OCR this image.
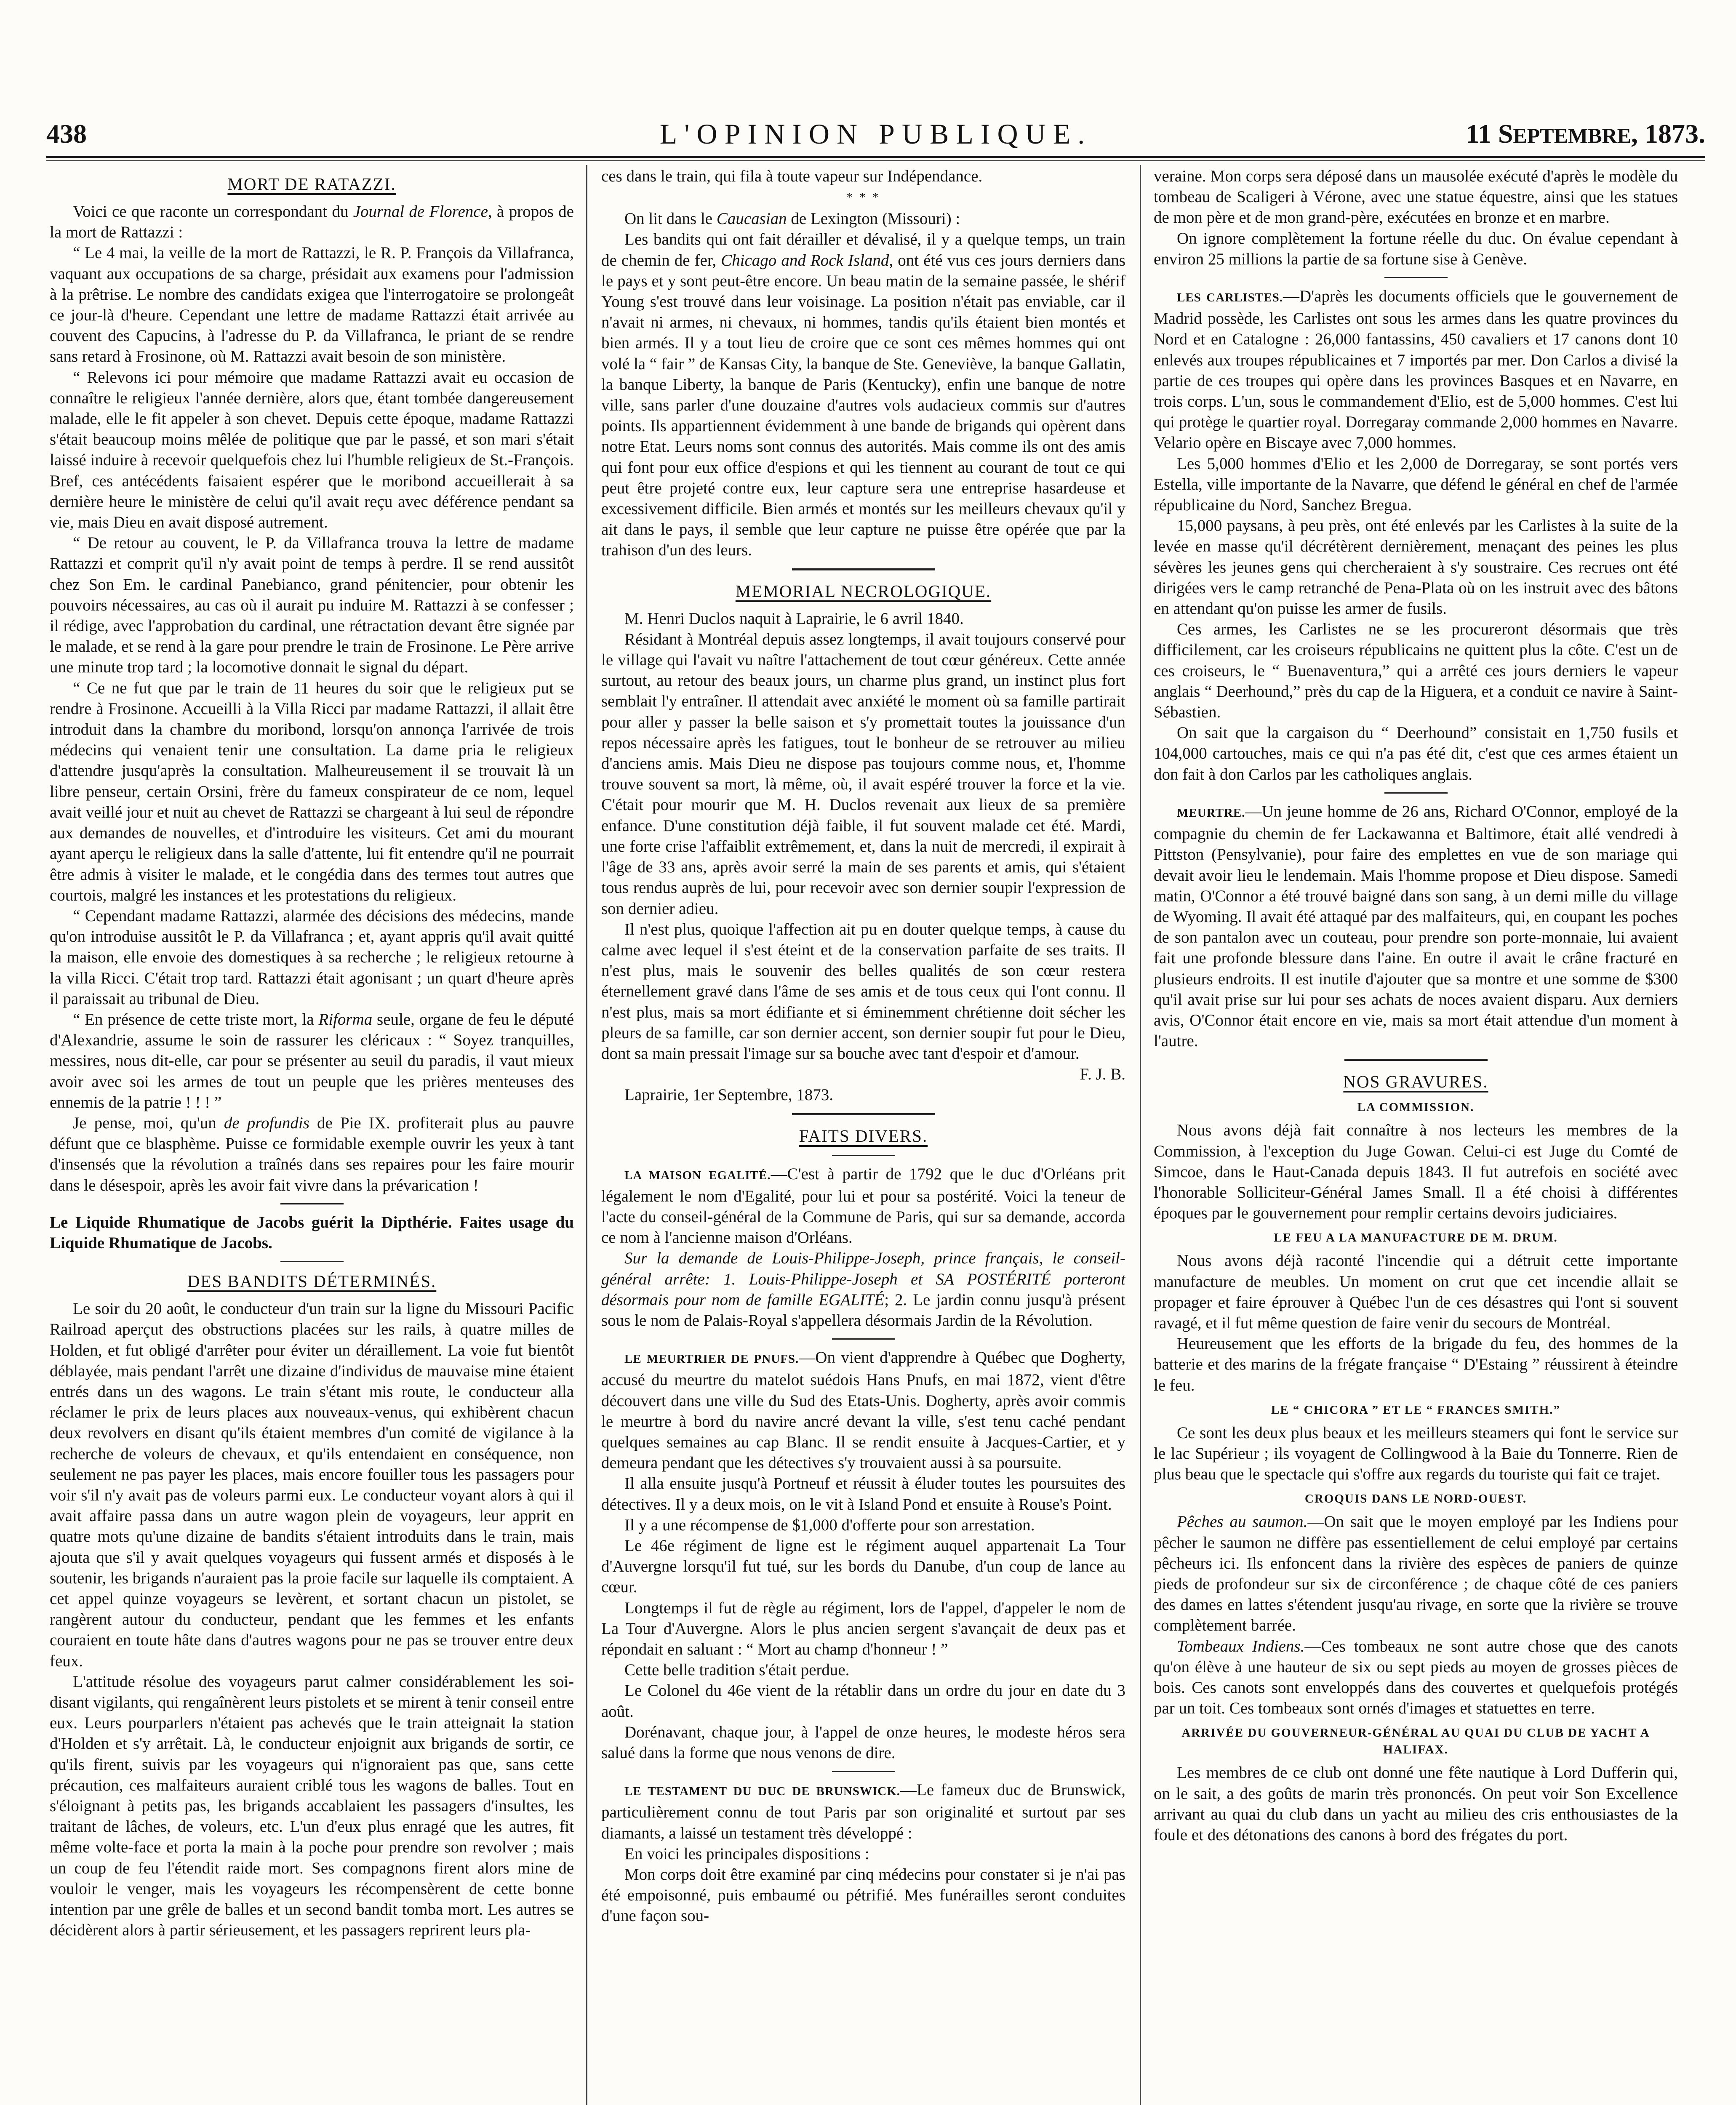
438	L'OPINION PUBLIQUE.	11 SEPTEMBRE, 1873.
MORT DE RATAZZI.

Voici ce que raconte un correspondant du Journal de Florence, à propos de la mort de Rattazzi :

“ Le 4 mai, la veille de la mort de Rattazzi, le R. P. François da Villafranca, vaquant aux occupations de sa charge, présidait aux examens pour l'admission à la prêtrise. Le nombre des candidats exigea que l'interrogatoire se prolongeât ce jour-là d'heure. Cependant une lettre de madame Rattazzi était arrivée au couvent des Capucins, à l'adresse du P. da Villafranca, le priant de se rendre sans retard à Frosinone, où M. Rattazzi avait besoin de son ministère.

“ Relevons ici pour mémoire que madame Rattazzi avait eu occasion de connaître le religieux l'année dernière, alors que, étant tombée dangereusement malade, elle le fit appeler à son chevet. Depuis cette époque, madame Rattazzi s'était beaucoup moins mêlée de politique que par le passé, et son mari s'était laissé induire à recevoir quelquefois chez lui l'humble religieux de St.-François. Bref, ces antécédents faisaient espérer que le moribond accueillerait à sa dernière heure le ministère de celui qu'il avait reçu avec déférence pendant sa vie, mais Dieu en avait disposé autrement.

“ De retour au couvent, le P. da Villafranca trouva la lettre de madame Rattazzi et comprit qu'il n'y avait point de temps à perdre. Il se rend aussitôt chez Son Em. le cardinal Panebianco, grand pénitencier, pour obtenir les pouvoirs nécessaires, au cas où il aurait pu induire M. Rattazzi à se confesser ; il rédige, avec l'approbation du cardinal, une rétractation devant être signée par le malade, et se rend à la gare pour prendre le train de Frosinone. Le Père arrive une minute trop tard ; la locomotive donnait le signal du départ.

“ Ce ne fut que par le train de 11 heures du soir que le religieux put se rendre à Frosinone. Accueilli à la Villa Ricci par madame Rattazzi, il allait être introduit dans la chambre du moribond, lorsqu'on annonça l'arrivée de trois médecins qui venaient tenir une consultation. La dame pria le religieux d'attendre jusqu'après la consultation. Malheureusement il se trouvait là un libre penseur, certain Orsini, frère du fameux conspirateur de ce nom, lequel avait veillé jour et nuit au chevet de Rattazzi se chargeant à lui seul de répondre aux demandes de nouvelles, et d'introduire les visiteurs. Cet ami du mourant ayant aperçu le religieux dans la salle d'attente, lui fit entendre qu'il ne pourrait être admis à visiter le malade, et le congédia dans des termes tout autres que courtois, malgré les instances et les protestations du religieux.

“ Cependant madame Rattazzi, alarmée des décisions des médecins, mande qu'on introduise aussitôt le P. da Villafranca ; et, ayant appris qu'il avait quitté la maison, elle envoie des domestiques à sa recherche ; le religieux retourne à la villa Ricci. C'était trop tard. Rattazzi était agonisant ; un quart d'heure après il paraissait au tribunal de Dieu.

“ En présence de cette triste mort, la Riforma seule, organe de feu le député d'Alexandrie, assume le soin de rassurer les cléricaux : “ Soyez tranquilles, messires, nous dit-elle, car pour se présenter au seuil du paradis, il vaut mieux avoir avec soi les armes de tout un peuple que les prières menteuses des ennemis de la patrie ! ! ! ”

Je pense, moi, qu'un de profundis de Pie IX. profiterait plus au pauvre défunt que ce blasphème. Puisse ce formidable exemple ouvrir les yeux à tant d'insensés que la révolution a traînés dans ses repaires pour les faire mourir dans le désespoir, après les avoir fait vivre dans la prévarication !

Le Liquide Rhumatique de Jacobs guérit la Dipthérie. Faites usage du Liquide Rhumatique de Jacobs.

DES BANDITS DÉTERMINÉS.

Le soir du 20 août, le conducteur d'un train sur la ligne du Missouri Pacific Railroad aperçut des obstructions placées sur les rails, à quatre milles de Holden, et fut obligé d'arrêter pour éviter un déraillement. La voie fut bientôt déblayée, mais pendant l'arrêt une dizaine d'individus de mauvaise mine étaient entrés dans un des wagons. Le train s'étant mis route, le conducteur alla réclamer le prix de leurs places aux nouveaux-venus, qui exhibèrent chacun deux revolvers en disant qu'ils étaient membres d'un comité de vigilance à la recherche de voleurs de chevaux, et qu'ils entendaient en conséquence, non seulement ne pas payer les places, mais encore fouiller tous les passagers pour voir s'il n'y avait pas de voleurs parmi eux. Le conducteur voyant alors à qui il avait affaire passa dans un autre wagon plein de voyageurs, leur apprit en quatre mots qu'une dizaine de bandits s'étaient introduits dans le train, mais ajouta que s'il y avait quelques voyageurs qui fussent armés et disposés à le soutenir, les brigands n'auraient pas la proie facile sur laquelle ils comptaient. A cet appel quinze voyageurs se levèrent, et sortant chacun un pistolet, se rangèrent autour du conducteur, pendant que les femmes et les enfants couraient en toute hâte dans d'autres wagons pour ne pas se trouver entre deux feux.

L'attitude résolue des voyageurs parut calmer considérablement les soi-disant vigilants, qui rengaînèrent leurs pistolets et se mirent à tenir conseil entre eux. Leurs pourparlers n'étaient pas achevés que le train atteignait la station d'Holden et s'y arrêtait. Là, le conducteur enjoignit aux brigands de sortir, ce qu'ils firent, suivis par les voyageurs qui n'ignoraient pas que, sans cette précaution, ces malfaiteurs auraient criblé tous les wagons de balles. Tout en s'éloignant à petits pas, les brigands accablaient les passagers d'insultes, les traitant de lâches, de voleurs, etc. L'un d'eux plus enragé que les autres, fit même volte-face et porta la main à la poche pour prendre son revolver ; mais un coup de feu l'étendit raide mort. Ses compagnons firent alors mine de vouloir le venger, mais les voyageurs les récompensèrent de cette bonne intention par une grêle de balles et un second bandit tomba mort. Les autres se décidèrent alors à partir sérieusement, et les passagers reprirent leurs pla-

ces dans le train, qui fila à toute vapeur sur Indépendance.

* * *

On lit dans le Caucasian de Lexington (Missouri) :

Les bandits qui ont fait dérailler et dévalisé, il y a quelque temps, un train de chemin de fer, Chicago and Rock Island, ont été vus ces jours derniers dans le pays et y sont peut-être encore. Un beau matin de la semaine passée, le shérif Young s'est trouvé dans leur voisinage. La position n'était pas enviable, car il n'avait ni armes, ni chevaux, ni hommes, tandis qu'ils étaient bien montés et bien armés. Il y a tout lieu de croire que ce sont ces mêmes hommes qui ont volé la “ fair ” de Kansas City, la banque de Ste. Geneviève, la banque Gallatin, la banque Liberty, la banque de Paris (Kentucky), enfin une banque de notre ville, sans parler d'une douzaine d'autres vols audacieux commis sur d'autres points. Ils appartiennent évidemment à une bande de brigands qui opèrent dans notre Etat. Leurs noms sont connus des autorités. Mais comme ils ont des amis qui font pour eux office d'espions et qui les tiennent au courant de tout ce qui peut être projeté contre eux, leur capture sera une entreprise hasardeuse et excessivement difficile. Bien armés et montés sur les meilleurs chevaux qu'il y ait dans le pays, il semble que leur capture ne puisse être opérée que par la trahison d'un des leurs.

MEMORIAL NECROLOGIQUE.

M. Henri Duclos naquit à Laprairie, le 6 avril 1840.

Résidant à Montréal depuis assez longtemps, il avait toujours conservé pour le village qui l'avait vu naître l'attachement de tout cœur généreux. Cette année surtout, au retour des beaux jours, un charme plus grand, un instinct plus fort semblait l'y entraîner. Il attendait avec anxiété le moment où sa famille partirait pour aller y passer la belle saison et s'y promettait toutes la jouissance d'un repos nécessaire après les fatigues, tout le bonheur de se retrouver au milieu d'anciens amis. Mais Dieu ne dispose pas toujours comme nous, et, l'homme trouve souvent sa mort, là même, où, il avait espéré trouver la force et la vie. C'était pour mourir que M. H. Duclos revenait aux lieux de sa première enfance. D'une constitution déjà faible, il fut souvent malade cet été. Mardi, une forte crise l'affaiblit extrêmement, et, dans la nuit de mercredi, il expirait à l'âge de 33 ans, après avoir serré la main de ses parents et amis, qui s'étaient tous rendus auprès de lui, pour recevoir avec son dernier soupir l'expression de son dernier adieu.

Il n'est plus, quoique l'affection ait pu en douter quelque temps, à cause du calme avec lequel il s'est éteint et de la conservation parfaite de ses traits. Il n'est plus, mais le souvenir des belles qualités de son cœur restera éternellement gravé dans l'âme de ses amis et de tous ceux qui l'ont connu. Il n'est plus, mais sa mort édifiante et si éminemment chrétienne doit sécher les pleurs de sa famille, car son dernier accent, son dernier soupir fut pour le Dieu, dont sa main pressait l'image sur sa bouche avec tant d'espoir et d'amour.

F. J. B.

Laprairie, 1er Septembre, 1873.

FAITS DIVERS.

LA MAISON EGALITÉ.—C'est à partir de 1792 que le duc d'Orléans prit légalement le nom d'Egalité, pour lui et pour sa postérité. Voici la teneur de l'acte du conseil-général de la Commune de Paris, qui sur sa demande, accorda ce nom à l'ancienne maison d'Orléans.

Sur la demande de Louis-Philippe-Joseph, prince français, le conseil-général arrête: 1. Louis-Philippe-Joseph et SA POSTÉRITÉ porteront désormais pour nom de famille EGALITÉ; 2. Le jardin connu jusqu'à présent sous le nom de Palais-Royal s'appellera désormais Jardin de la Révolution.

LE MEURTRIER DE PNUFS.—On vient d'apprendre à Québec que Dogherty, accusé du meurtre du matelot suédois Hans Pnufs, en mai 1872, vient d'être découvert dans une ville du Sud des Etats-Unis. Dogherty, après avoir commis le meurtre à bord du navire ancré devant la ville, s'est tenu caché pendant quelques semaines au cap Blanc. Il se rendit ensuite à Jacques-Cartier, et y demeura pendant que les détectives s'y trouvaient aussi à sa poursuite.

Il alla ensuite jusqu'à Portneuf et réussit à éluder toutes les poursuites des détectives. Il y a deux mois, on le vit à Island Pond et ensuite à Rouse's Point.

Il y a une récompense de $1,000 d'offerte pour son arrestation.

Le 46e régiment de ligne est le régiment auquel appartenait La Tour d'Auvergne lorsqu'il fut tué, sur les bords du Danube, d'un coup de lance au cœur.

Longtemps il fut de règle au régiment, lors de l'appel, d'appeler le nom de La Tour d'Auvergne. Alors le plus ancien sergent s'avançait de deux pas et répondait en saluant : “ Mort au champ d'honneur ! ”

Cette belle tradition s'était perdue.

Le Colonel du 46e vient de la rétablir dans un ordre du jour en date du 3 août.

Dorénavant, chaque jour, à l'appel de onze heures, le modeste héros sera salué dans la forme que nous venons de dire.

LE TESTAMENT DU DUC DE BRUNSWICK.—Le fameux duc de Brunswick, particulièrement connu de tout Paris par son originalité et surtout par ses diamants, a laissé un testament très développé :

En voici les principales dispositions :

Mon corps doit être examiné par cinq médecins pour constater si je n'ai pas été empoisonné, puis embaumé ou pétrifié. Mes funérailles seront conduites d'une façon sou-

veraine. Mon corps sera déposé dans un mausolée exécuté d'après le modèle du tombeau de Scaligeri à Vérone, avec une statue équestre, ainsi que les statues de mon père et de mon grand-père, exécutées en bronze et en marbre.

On ignore complètement la fortune réelle du duc. On évalue cependant à environ 25 millions la partie de sa fortune sise à Genève.

LES CARLISTES.—D'après les documents officiels que le gouvernement de Madrid possède, les Carlistes ont sous les armes dans les quatre provinces du Nord et en Catalogne : 26,000 fantassins, 450 cavaliers et 17 canons dont 10 enlevés aux troupes républicaines et 7 importés par mer. Don Carlos a divisé la partie de ces troupes qui opère dans les provinces Basques et en Navarre, en trois corps. L'un, sous le commandement d'Elio, est de 5,000 hommes. C'est lui qui protège le quartier royal. Dorregaray commande 2,000 hommes en Navarre. Velario opère en Biscaye avec 7,000 hommes.

Les 5,000 hommes d'Elio et les 2,000 de Dorregaray, se sont portés vers Estella, ville importante de la Navarre, que défend le général en chef de l'armée républicaine du Nord, Sanchez Bregua.

15,000 paysans, à peu près, ont été enlevés par les Carlistes à la suite de la levée en masse qu'il décrétèrent dernièrement, menaçant des peines les plus sévères les jeunes gens qui chercheraient à s'y soustraire. Ces recrues ont été dirigées vers le camp retranché de Pena-Plata où on les instruit avec des bâtons en attendant qu'on puisse les armer de fusils.

Ces armes, les Carlistes ne se les procureront désormais que très difficilement, car les croiseurs républicains ne quittent plus la côte. C'est un de ces croiseurs, le “ Buenaventura,” qui a arrêté ces jours derniers le vapeur anglais “ Deerhound,” près du cap de la Higuera, et a conduit ce navire à Saint-Sébastien.

On sait que la cargaison du “ Deerhound” consistait en 1,750 fusils et 104,000 cartouches, mais ce qui n'a pas été dit, c'est que ces armes étaient un don fait à don Carlos par les catholiques anglais.

MEURTRE.—Un jeune homme de 26 ans, Richard O'Connor, employé de la compagnie du chemin de fer Lackawanna et Baltimore, était allé vendredi à Pittston (Pensylvanie), pour faire des emplettes en vue de son mariage qui devait avoir lieu le lendemain. Mais l'homme propose et Dieu dispose. Samedi matin, O'Connor a été trouvé baigné dans son sang, à un demi mille du village de Wyoming. Il avait été attaqué par des malfaiteurs, qui, en coupant les poches de son pantalon avec un couteau, pour prendre son porte-monnaie, lui avaient fait une profonde blessure dans l'aine. En outre il avait le crâne fracturé en plusieurs endroits. Il est inutile d'ajouter que sa montre et une somme de $300 qu'il avait prise sur lui pour ses achats de noces avaient disparu. Aux derniers avis, O'Connor était encore en vie, mais sa mort était attendue d'un moment à l'autre.

NOS GRAVURES.
LA COMMISSION.

Nous avons déjà fait connaître à nos lecteurs les membres de la Commission, à l'exception du Juge Gowan. Celui-ci est Juge du Comté de Simcoe, dans le Haut-Canada depuis 1843. Il fut autrefois en société avec l'honorable Solliciteur-Général James Small. Il a été choisi à différentes époques par le gouvernement pour remplir certains devoirs judiciaires.

LE FEU A LA MANUFACTURE DE M. DRUM.

Nous avons déjà raconté l'incendie qui a détruit cette importante manufacture de meubles. Un moment on crut que cet incendie allait se propager et faire éprouver à Québec l'un de ces désastres qui l'ont si souvent ravagé, et il fut même question de faire venir du secours de Montréal.

Heureusement que les efforts de la brigade du feu, des hommes de la batterie et des marins de la frégate française “ D'Estaing ” réussirent à éteindre le feu.

LE “ CHICORA ” ET LE “ FRANCES SMITH.”

Ce sont les deux plus beaux et les meilleurs steamers qui font le service sur le lac Supérieur ; ils voyagent de Collingwood à la Baie du Tonnerre. Rien de plus beau que le spectacle qui s'offre aux regards du touriste qui fait ce trajet.

CROQUIS DANS LE NORD-OUEST.

Pêches au saumon.—On sait que le moyen employé par les Indiens pour pêcher le saumon ne diffère pas essentiellement de celui employé par certains pêcheurs ici. Ils enfoncent dans la rivière des espèces de paniers de quinze pieds de profondeur sur six de circonférence ; de chaque côté de ces paniers des dames en lattes s'étendent jusqu'au rivage, en sorte que la rivière se trouve complètement barrée.

Tombeaux Indiens.—Ces tombeaux ne sont autre chose que des canots qu'on élève à une hauteur de six ou sept pieds au moyen de grosses pièces de bois. Ces canots sont enveloppés dans des couvertes et quelquefois protégés par un toit. Ces tombeaux sont ornés d'images et statuettes en terre.

ARRIVÉE DU GOUVERNEUR-GÉNÉRAL AU QUAI DU CLUB DE YACHT A HALIFAX.

Les membres de ce club ont donné une fête nautique à Lord Dufferin qui, on le sait, a des goûts de marin très prononcés. On peut voir Son Excellence arrivant au quai du club dans un yacht au milieu des cris enthousiastes de la foule et des détonations des canons à bord des frégates du port.
